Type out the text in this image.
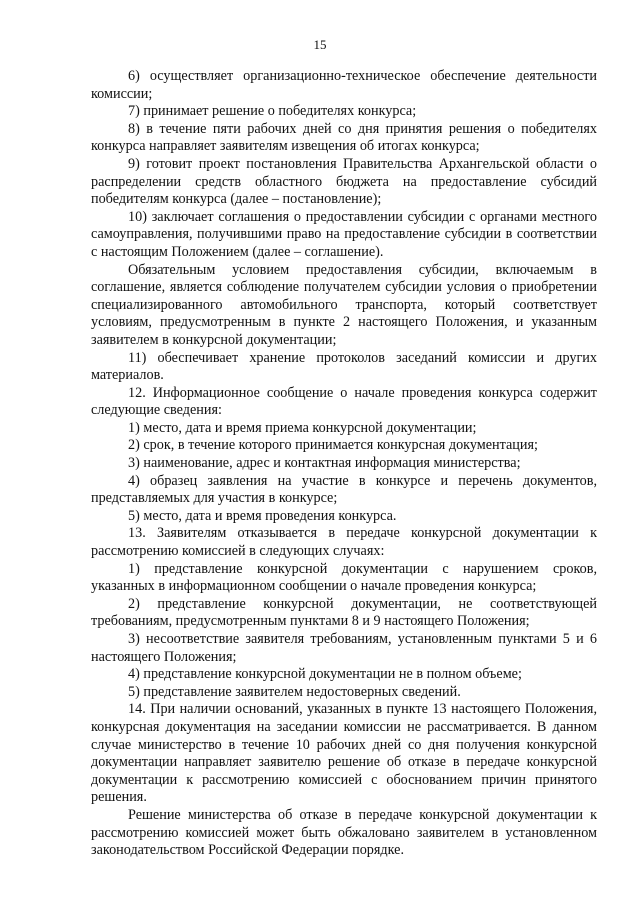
15

6) осуществляет организационно-техническое обеспечение деятельности комиссии;

7) принимает решение о победителях конкурса;

8) в течение пяти рабочих дней со дня принятия решения о победителях конкурса направляет заявителям извещения об итогах конкурса;

9) готовит проект постановления Правительства Архангельской области о распределении средств областного бюджета на предоставление субсидий победителям конкурса (далее – постановление);

10) заключает соглашения о предоставлении субсидии с органами местного самоуправления, получившими право на предоставление субсидии в соответствии с настоящим Положением (далее – соглашение).

Обязательным условием предоставления субсидии, включаемым в соглашение, является соблюдение получателем субсидии условия о приобретении специализированного автомобильного транспорта, который соответствует условиям, предусмотренным в пункте 2 настоящего Положения, и указанным заявителем в конкурсной документации;

11) обеспечивает хранение протоколов заседаний комиссии и других материалов.

12. Информационное сообщение о начале проведения конкурса содержит следующие сведения:

1) место, дата и время приема конкурсной документации;

2) срок, в течение которого принимается конкурсная документация;

3) наименование, адрес и контактная информация министерства;

4) образец заявления на участие в конкурсе и перечень документов, представляемых для участия в конкурсе;

5) место, дата и время проведения конкурса.

13. Заявителям отказывается в передаче конкурсной документации к рассмотрению комиссией в следующих случаях:

1) представление конкурсной документации с нарушением сроков, указанных в информационном сообщении о начале проведения конкурса;

2) представление конкурсной документации, не соответствующей требованиям, предусмотренным пунктами 8 и 9 настоящего Положения;

3) несоответствие заявителя требованиям, установленным пунктами 5 и 6 настоящего Положения;

4) представление конкурсной документации не в полном объеме;

5) представление заявителем недостоверных сведений.

14. При наличии оснований, указанных в пункте 13 настоящего Положения, конкурсная документация на заседании комиссии не рассматривается. В данном случае министерство в течение 10 рабочих дней со дня получения конкурсной документации направляет заявителю решение об отказе в передаче конкурсной документации к рассмотрению комиссией с обоснованием причин принятого решения.

Решение министерства об отказе в передаче конкурсной документации к рассмотрению комиссией может быть обжаловано заявителем в установленном законодательством Российской Федерации порядке.
